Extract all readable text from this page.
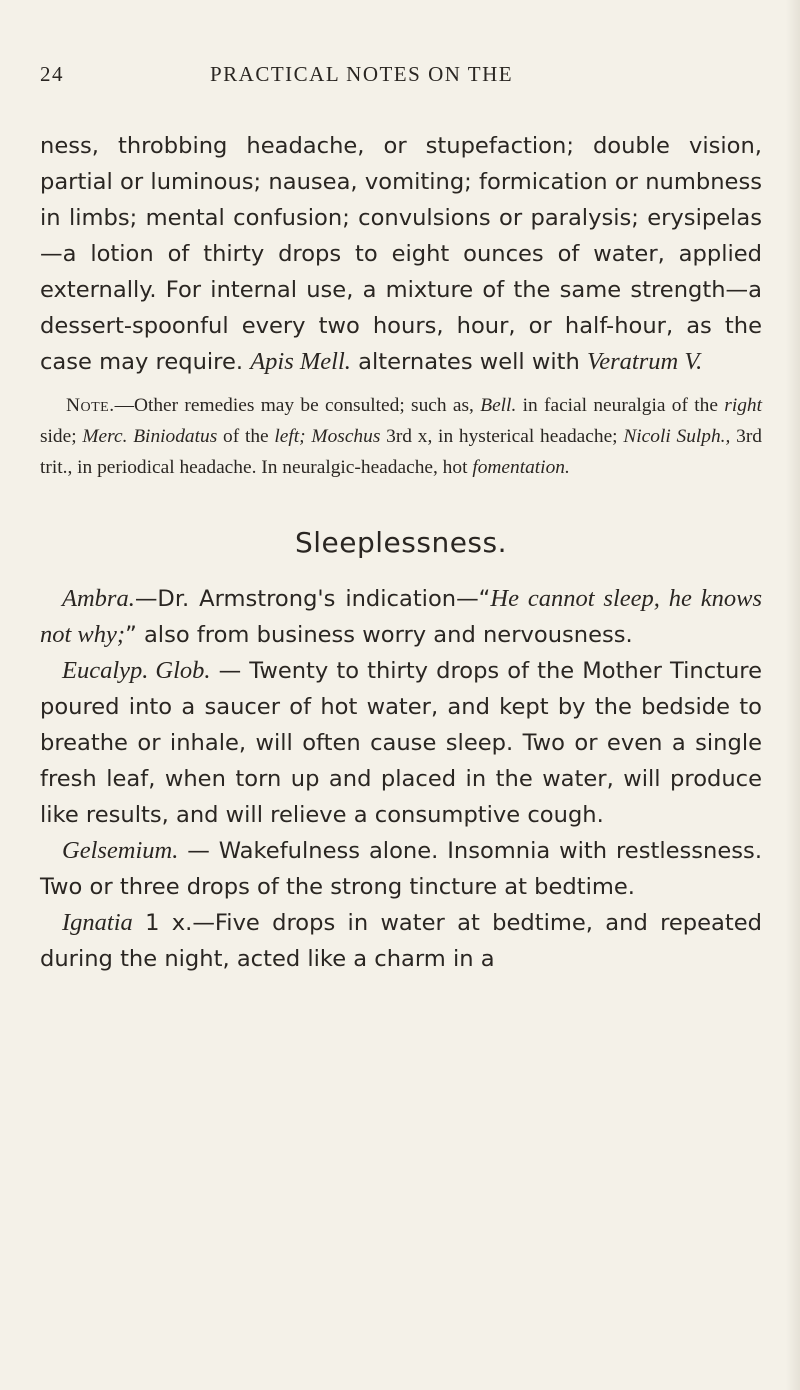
24	PRACTICAL NOTES ON THE

ness, throbbing headache, or stupefaction; double vision, partial or luminous; nausea, vomiting; formication or numbness in limbs; mental confusion; convulsions or paralysis; erysipelas—a lotion of thirty drops to eight ounces of water, applied externally. For internal use, a mixture of the same strength—a dessert-spoonful every two hours, hour, or half-hour, as the case may require. Apis Mell. alternates well with Veratrum V.

Note.—Other remedies may be consulted; such as, Bell. in facial neuralgia of the right side; Merc. Biniodatus of the left; Moschus 3rd x, in hysterical headache; Nicoli Sulph., 3rd trit., in periodical headache. In neuralgic-headache, hot fomentation.

Sleeplessness.

Ambra.—Dr. Armstrong's indication—“He cannot sleep, he knows not why;” also from business worry and nervousness.

Eucalyp. Glob. — Twenty to thirty drops of the Mother Tincture poured into a saucer of hot water, and kept by the bedside to breathe or inhale, will often cause sleep. Two or even a single fresh leaf, when torn up and placed in the water, will produce like results, and will relieve a consumptive cough.

Gelsemium. — Wakefulness alone. Insomnia with restlessness. Two or three drops of the strong tincture at bedtime.

Ignatia 1 x.—Five drops in water at bedtime, and repeated during the night, acted like a charm in a
